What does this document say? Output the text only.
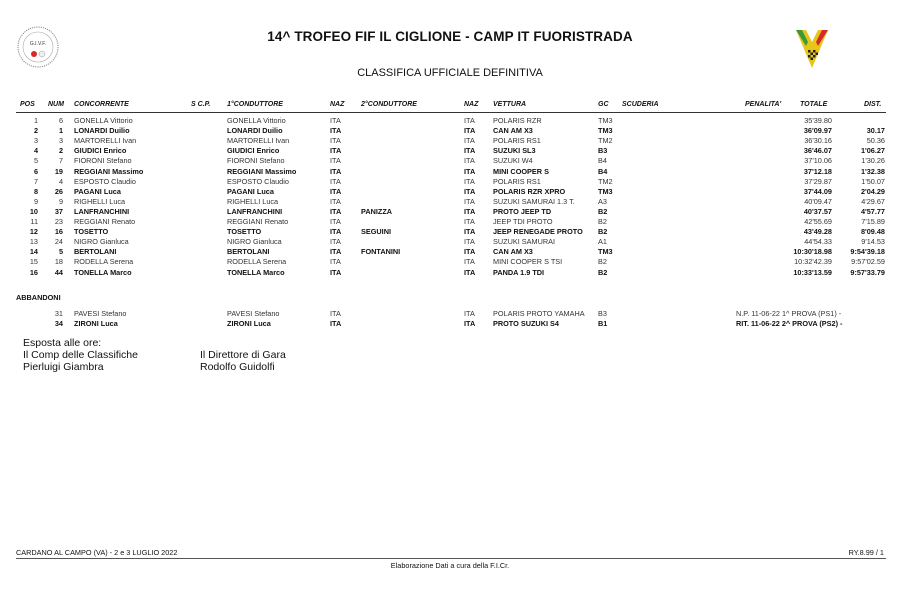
G.I.V.F.	14^ TROFEO FIF IL CIGLIONE - CAMP IT FUORISTRADA
CLASSIFICA UFFICIALE DEFINITIVA
POS NUM CONCORRENTE	S C.P. 1°CONDUTTORE	NAZ 2°CONDUTTORE	NAZ VETTURA	GC SCUDERIA	PENALITA'	TOTALE	DIST.
1	6 GONELLA Vittorio	GONELLA Vittorio	ITA	ITA POLARIS RZR	TM3	35'39.80
2	1 LONARDI Duilio	LONARDI Duilio	ITA	ITA CAN AM X3	TM3	36'09.97	30.17
3	3 MARTORELLI Ivan	MARTORELLI Ivan	ITA	ITA POLARIS RS1	TM2	36'30.16	50.36
4	2 GIUDICI Enrico	GIUDICI Enrico	ITA	ITA SUZUKI SL3	B3	36'46.07	1'06.27
5	7 FIORONI Stefano	FIORONI Stefano	ITA	ITA SUZUKI W4	B4	37'10.06	1'30.26
6 19 REGGIANI Massimo	REGGIANI Massimo	ITA	ITA MINI COOPER S	B4	37'12.18	1'32.38
7	4 ESPOSTO Claudio	ESPOSTO Claudio	ITA	ITA POLARIS RS1	TM2	37'29.87	1'50.07
8 26 PAGANI Luca	PAGANI Luca	ITA	ITA POLARIS RZR XPRO	TM3	37'44.09	2'04.29
9	9 RIGHELLI Luca	RIGHELLI Luca	ITA	ITA SUZUKI SAMURAI 1.3 T.	A3	40'09.47	4'29.67
10 37 LANFRANCHINI	LANFRANCHINI	ITA	PANIZZA	ITA PROTO JEEP TD	B2	40'37.57	4'57.77
11 23 REGGIANI Renato	REGGIANI Renato	ITA	ITA JEEP TDI PROTO	B2	42'55.69	7'15.89
12 16 TOSETTO	TOSETTO	ITA	SEGUINI	ITA JEEP RENEGADE PROTO B2	43'49.28	8'09.48
13 24 NIGRO Gianluca	NIGRO Gianluca	ITA	ITA SUZUKI SAMURAI	A1	44'54.33	9'14.53
14	5 BERTOLANI	BERTOLANI	ITA	FONTANINI	ITA CAN AM X3	TM3	10:30'18.98	9:54'39.18
15 18 RODELLA Serena	RODELLA Serena	ITA	ITA MINI COOPER S TSI	B2	10:32'42.39	9:57'02.59
16 44 TONELLA Marco	TONELLA Marco	ITA	ITA PANDA 1.9 TDI	B2	10:33'13.59	9:57'33.79
ABBANDONI
31 PAVESI Stefano	PAVESI Stefano	ITA	ITA POLARIS PROTO YAMAHA B3	N.P. 11-06-22 1^ PROVA (PS1) -
34 ZIRONI Luca	ZIRONI Luca	ITA	ITA PROTO SUZUKI S4	B1	RIT. 11-06-22 2^ PROVA (PS2) -
Esposta alle ore:
Il Comp delle Classifiche
Pierluigi Giambra
Il Direttore di Gara
Rodolfo Guidolfi
CARDANO AL CAMPO (VA) - 2 e 3 LUGLIO 2022	RY.8.99 / 1
Elaborazione Dati a cura della F.I.Cr.
